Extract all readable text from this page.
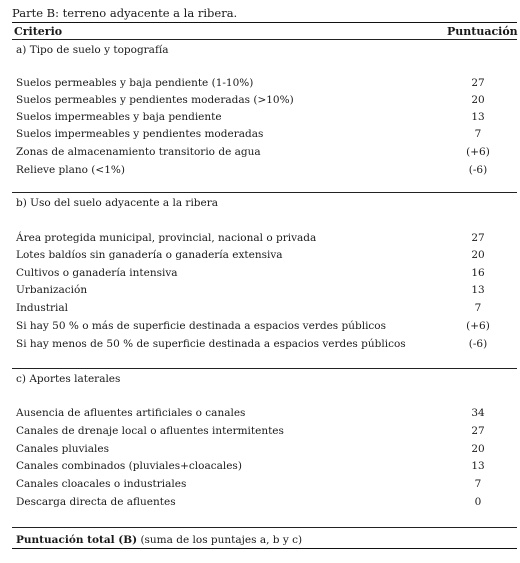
Parte B: terreno adyacente a la ribera.
Criterio	Puntuación
a) Tipo de suelo y topografía
Suelos permeables y baja pendiente (1-10%)	27
Suelos permeables y pendientes moderadas (>10%)	20
Suelos impermeables y baja pendiente	13
Suelos impermeables y pendientes moderadas	7
Zonas de almacenamiento transitorio de agua	(+6)
Relieve plano (<1%)	(-6)
b) Uso del suelo adyacente a la ribera
Área protegida municipal, provincial, nacional o privada	27
Lotes baldíos sin ganadería o ganadería extensiva	20
Cultivos o ganadería intensiva	16
Urbanización	13
Industrial	7
Si hay 50 % o más de superficie destinada a espacios verdes públicos	(+6)
Si hay menos de 50 % de superficie destinada a espacios verdes públicos	(-6)
c) Aportes laterales
Ausencia de afluentes artificiales o canales	34
Canales de drenaje local o afluentes intermitentes	27
Canales pluviales	20
Canales combinados (pluviales+cloacales)	13
Canales cloacales o industriales	7
Descarga directa de afluentes	0
Puntuación total (B) (suma de los puntajes a, b y c)
